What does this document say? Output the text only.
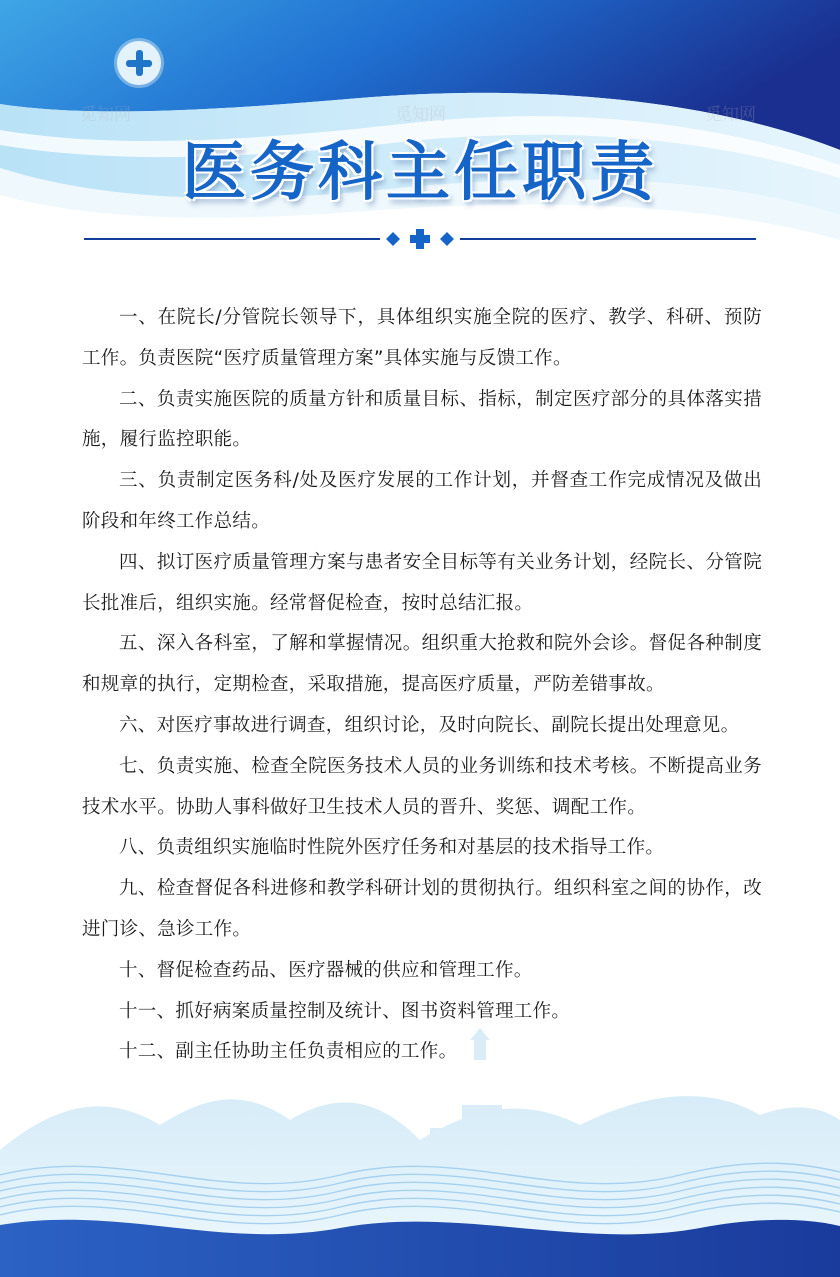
觅知网	觅知网	觅知网
医务科主任职责
一、在院长/分管院长领导下，具体组织实施全院的医疗、教学、科研、预防工作。负责医院“医疗质量管理方案”具体实施与反馈工作。
二、负责实施医院的质量方针和质量目标、指标，制定医疗部分的具体落实措施，履行监控职能。
三、负责制定医务科/处及医疗发展的工作计划，并督查工作完成情况及做出阶段和年终工作总结。
四、拟订医疗质量管理方案与患者安全目标等有关业务计划，经院长、分管院长批准后，组织实施。经常督促检查，按时总结汇报。
五、深入各科室，了解和掌握情况。组织重大抢救和院外会诊。督促各种制度和规章的执行，定期检查，采取措施，提高医疗质量，严防差错事故。
六、对医疗事故进行调查，组织讨论，及时向院长、副院长提出处理意见。
七、负责实施、检查全院医务技术人员的业务训练和技术考核。不断提高业务技术水平。协助人事科做好卫生技术人员的晋升、奖惩、调配工作。
八、负责组织实施临时性院外医疗任务和对基层的技术指导工作。
九、检查督促各科进修和教学科研计划的贯彻执行。组织科室之间的协作，改进门诊、急诊工作。
十、督促检查药品、医疗器械的供应和管理工作。
十一、抓好病案质量控制及统计、图书资料管理工作。
十二、副主任协助主任负责相应的工作。
